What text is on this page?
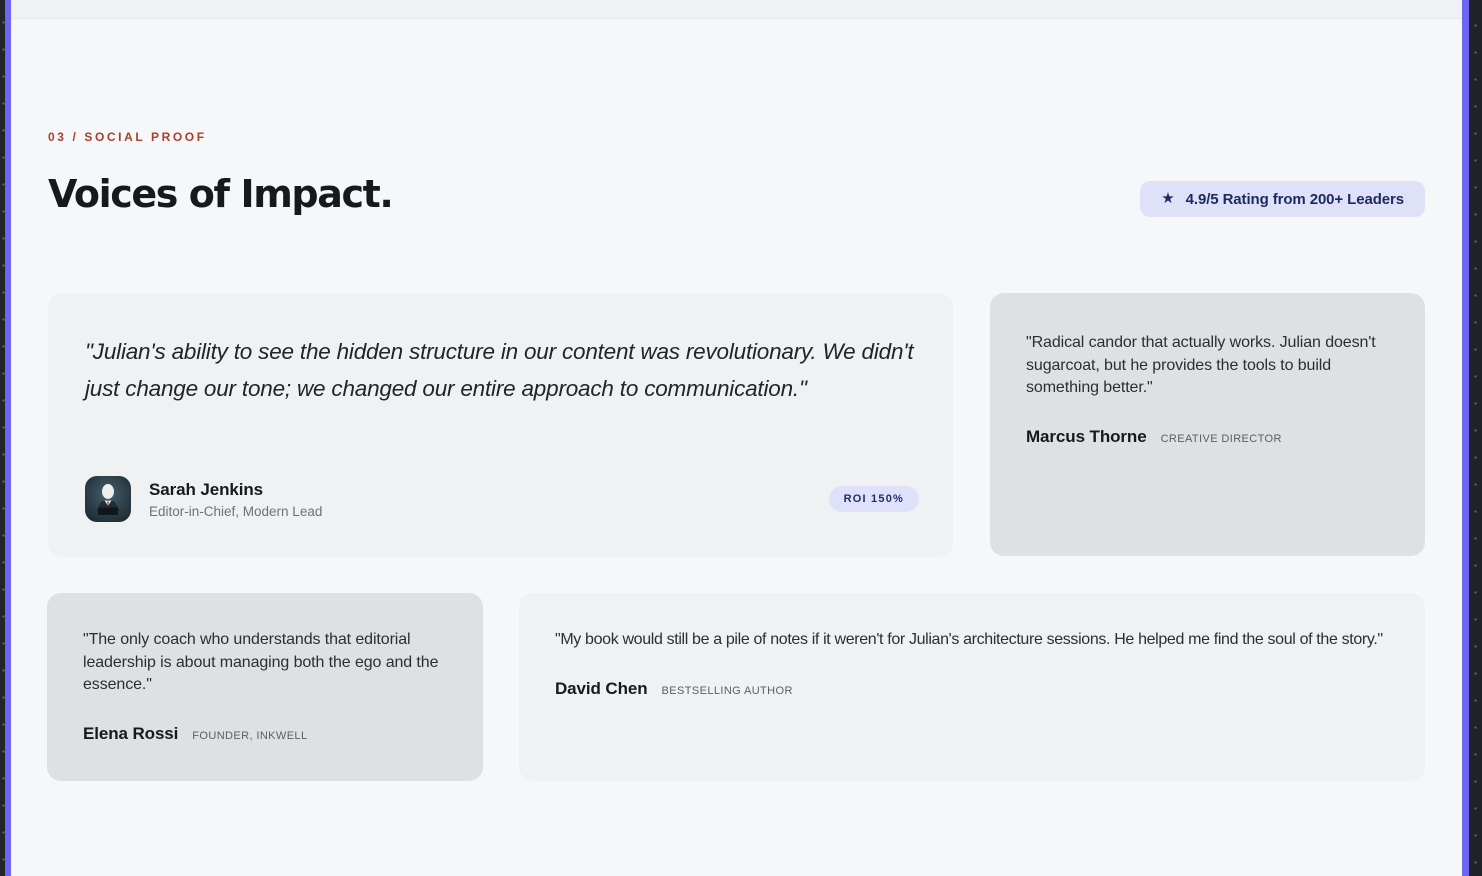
03 / SOCIAL PROOF
Voices of Impact.	★ 4.9/5 Rating from 200+ Leaders

"Julian's ability to see the hidden structure in our content was revolutionary. We didn't just change our tone; we changed our entire approach to communication."

Sarah Jenkins
Editor-in-Chief, Modern Lead
ROI 150%

"Radical candor that actually works. Julian doesn't sugarcoat, but he provides the tools to build something better."

Marcus Thorne CREATIVE DIRECTOR

"The only coach who understands that editorial leadership is about managing both the ego and the essence."

Elena Rossi FOUNDER, INKWELL

"My book would still be a pile of notes if it weren't for Julian's architecture sessions. He helped me find the soul of the story."

David Chen BESTSELLING AUTHOR
